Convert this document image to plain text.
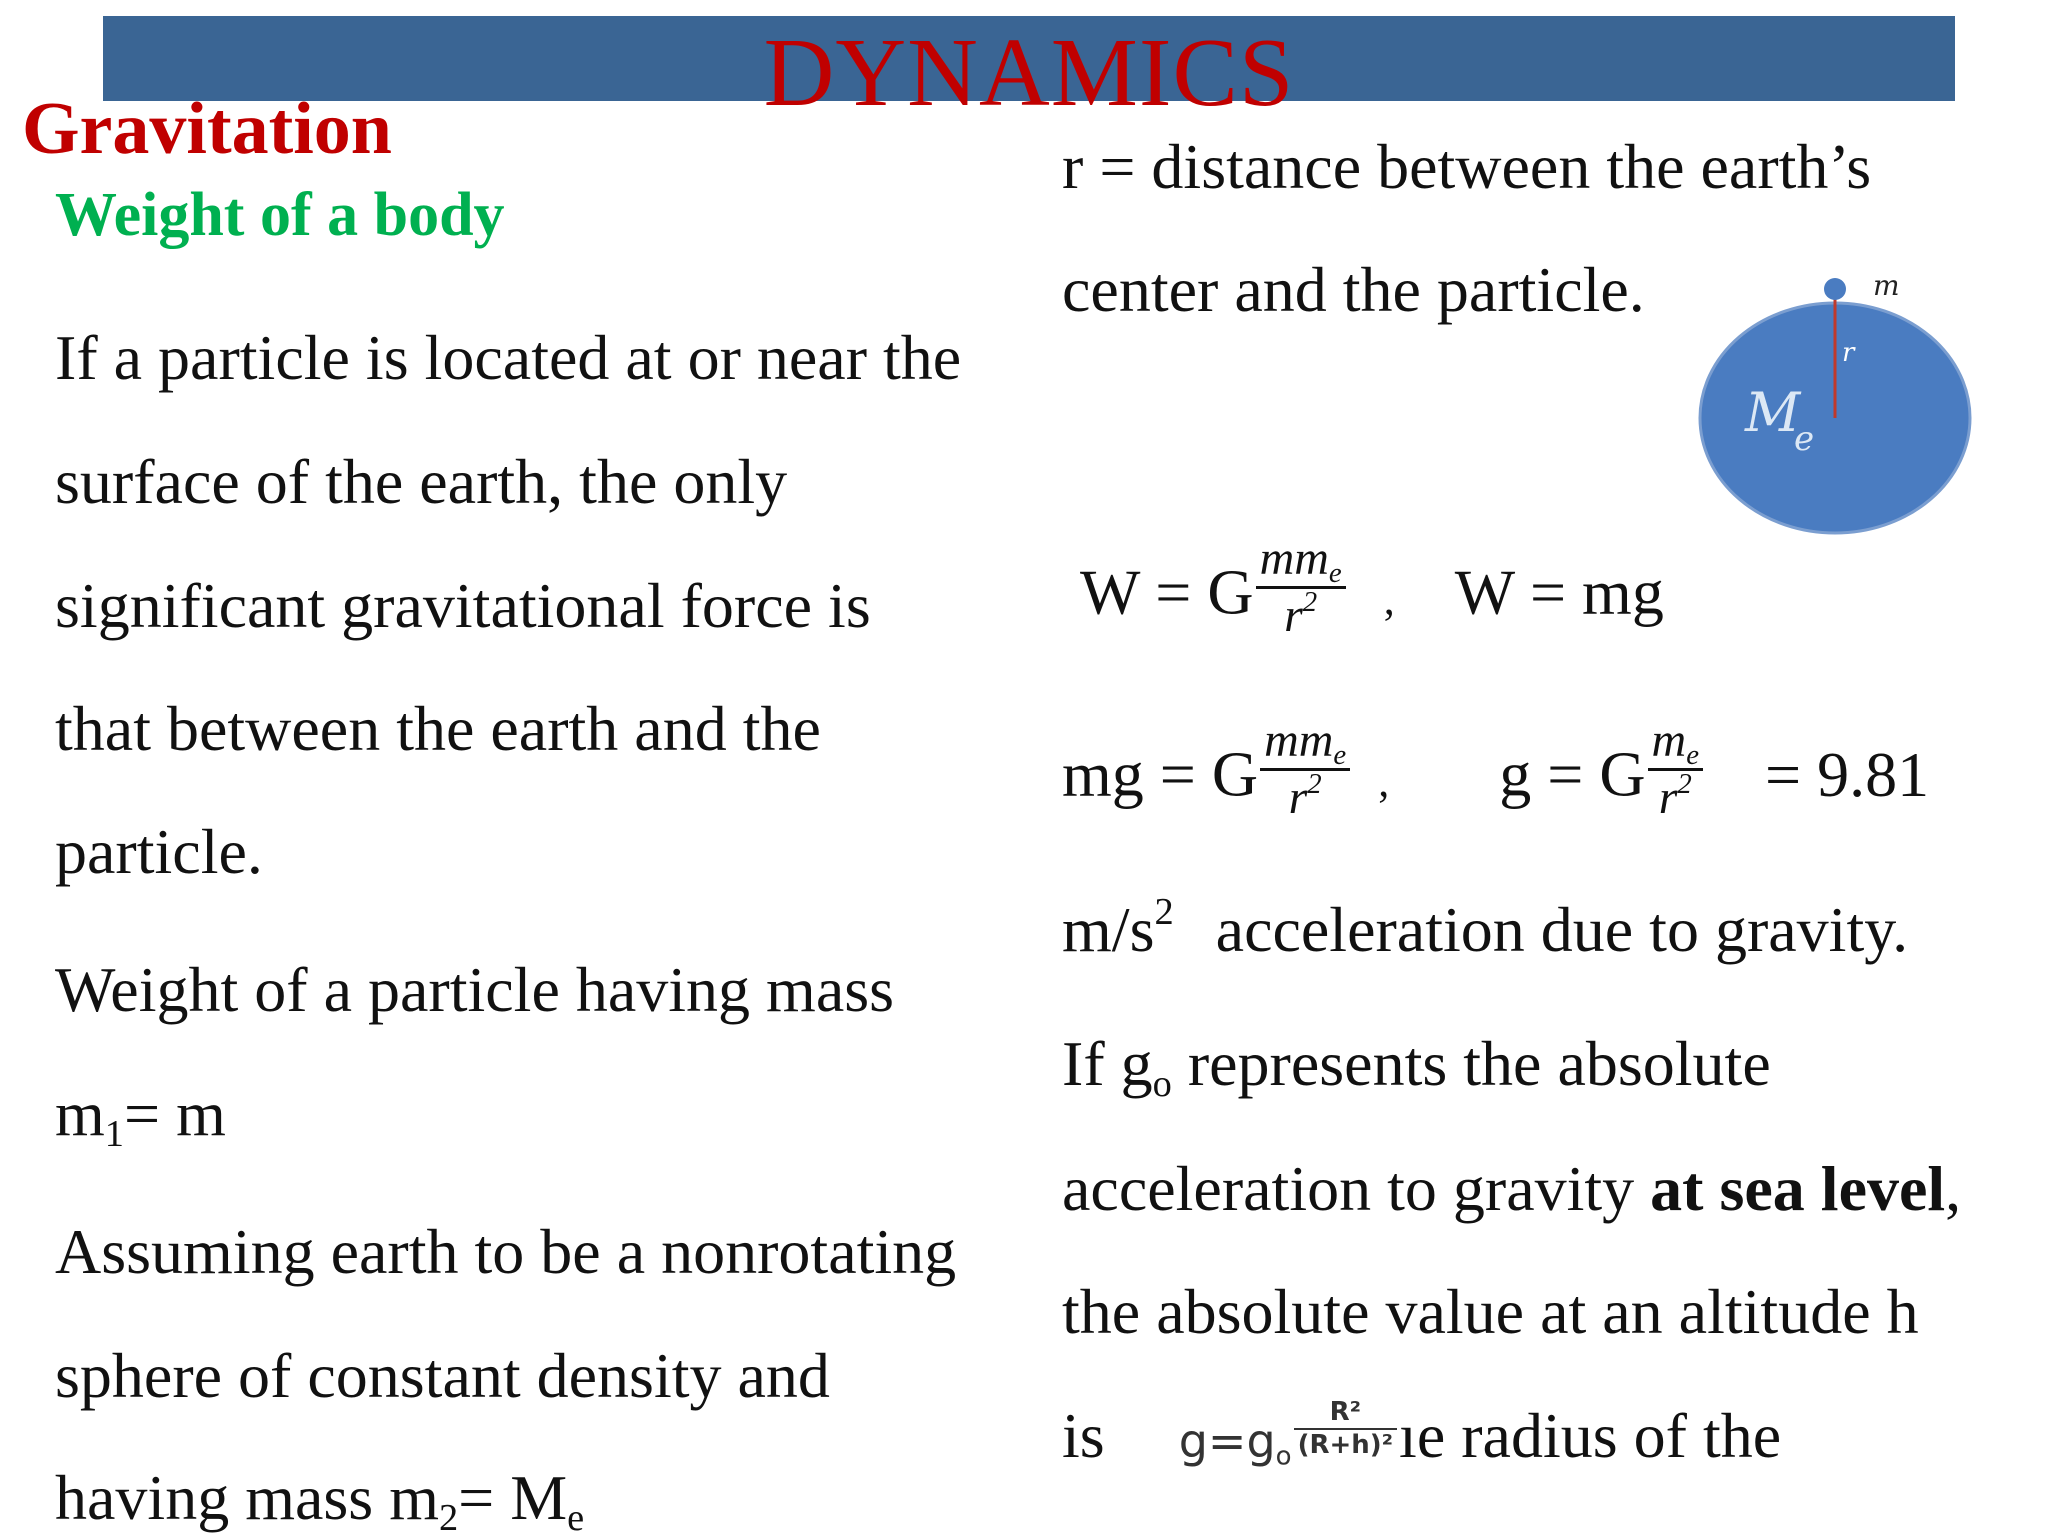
DYNAMICS
Gravitation
Weight of a body
If a particle is located at or near the
surface of the earth, the only
significant gravitational force is
that between the earth and the
particle.
Weight of a particle having mass
$m_1= m$
Assuming earth to be a nonrotating
sphere of constant density and
having mass $m_2= M_e$
r = distance between the earth’s
center and the particle.	m
r
M
e
W = G $\frac{mm_e}{r^2}$ , W = mg
mg = G $\frac{mm_e}{r^2}$ , g = G $\frac{m_e}{r^2} = 9.81$
$m/s^2$ acceleration due to gravity.
If $g_o$ represents the absolute
acceleration to gravity at sea level,
the absolute value at an altitude h
is $g=g_o \frac{\text{R²}}{\text{(R+h)²}}$ ıe radius of the
